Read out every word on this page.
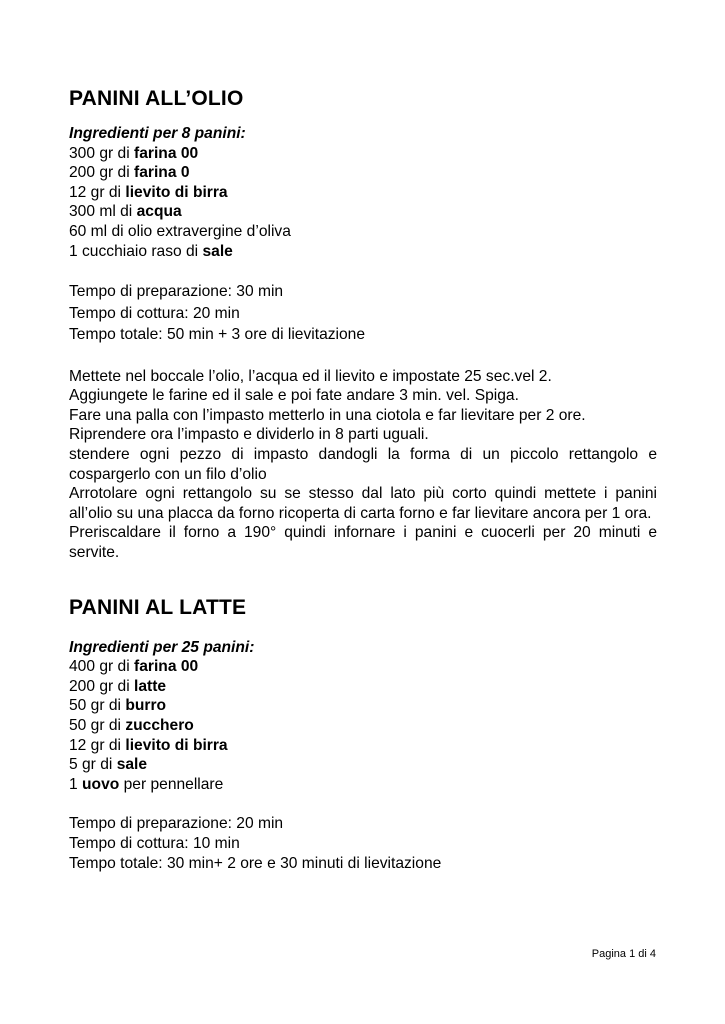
PANINI ALL’OLIO

Ingredienti per 8 panini:

300 gr di farina 00
200 gr di farina 0
12 gr di lievito di birra
300 ml di acqua
60 ml di olio extravergine d’oliva
1 cucchiaio raso di sale
Tempo di preparazione: 30 min
Tempo di cottura: 20 min
Tempo totale: 50 min + 3 ore di lievitazione

Mettete nel boccale l’olio, l’acqua ed il lievito e impostate 25 sec.vel 2.

Aggiungete le farine ed il sale e poi fate andare 3 min. vel. Spiga.

Fare una palla con l’impasto metterlo in una ciotola e far lievitare per 2 ore.

Riprendere ora l’impasto e dividerlo in 8 parti uguali.

stendere ogni pezzo di impasto dandogli la forma di un piccolo rettangolo e cospargerlo con un filo d’olio

Arrotolare ogni rettangolo su se stesso dal lato più corto quindi mettete i panini all’olio su una placca da forno ricoperta di carta forno e far lievitare ancora per 1 ora.

Preriscaldare il forno a 190° quindi infornare i panini e cuocerli per 20 minuti e servite.

PANINI AL LATTE

Ingredienti per 25 panini:

400 gr di farina 00
200 gr di latte
50 gr di burro
50 gr di zucchero
12 gr di lievito di birra
5 gr di sale
1 uovo per pennellare
Tempo di preparazione: 20 min
Tempo di cottura: 10 min
Tempo totale: 30 min+ 2 ore e 30 minuti di lievitazione
Pagina 1 di 4
